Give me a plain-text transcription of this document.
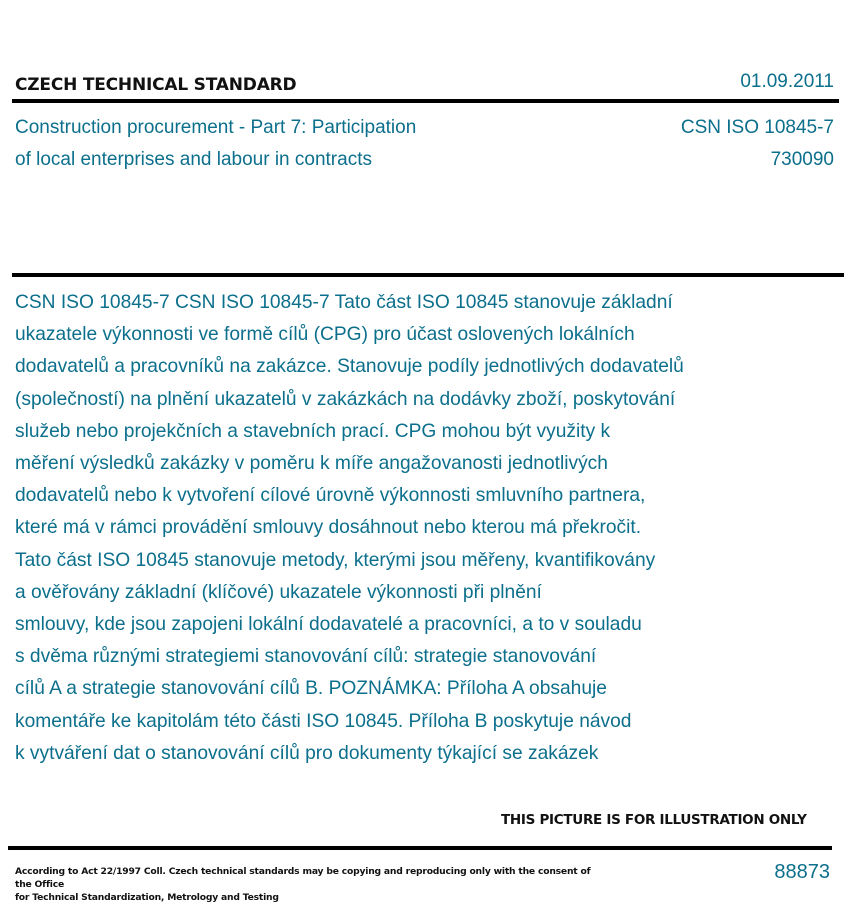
CZECH TECHNICAL STANDARD	01.09.2011
Construction procurement - Part 7: Participation
of local enterprises and labour in contracts
CSN ISO 10845-7
730090
CSN ISO 10845-7 CSN ISO 10845-7 Tato část ISO 10845 stanovuje základní
ukazatele výkonnosti ve formě cílů (CPG) pro účast oslovených lokálních
dodavatelů a pracovníků na zakázce. Stanovuje podíly jednotlivých dodavatelů
(společností) na plnění ukazatelů v zakázkách na dodávky zboží, poskytování
služeb nebo projekčních a stavebních prací. CPG mohou být využity k
měření výsledků zakázky v poměru k míře angažovanosti jednotlivých
dodavatelů nebo k vytvoření cílové úrovně výkonnosti smluvního partnera,
které má v rámci provádění smlouvy dosáhnout nebo kterou má překročit.
Tato část ISO 10845 stanovuje metody, kterými jsou měřeny, kvantifikovány
a ověřovány základní (klíčové) ukazatele výkonnosti při plnění
smlouvy, kde jsou zapojeni lokální dodavatelé a pracovníci, a to v souladu
s dvěma různými strategiemi stanovování cílů: strategie stanovování
cílů A a strategie stanovování cílů B. POZNÁMKA: Příloha A obsahuje
komentáře ke kapitolám této části ISO 10845. Příloha B poskytuje návod
k vytváření dat o stanovování cílů pro dokumenty týkající se zakázek
THIS PICTURE IS FOR ILLUSTRATION ONLY
According to Act 22/1997 Coll. Czech technical standards may be copying and reproducing only with the consent of the Office
for Technical Standardization, Metrology and Testing
88873
